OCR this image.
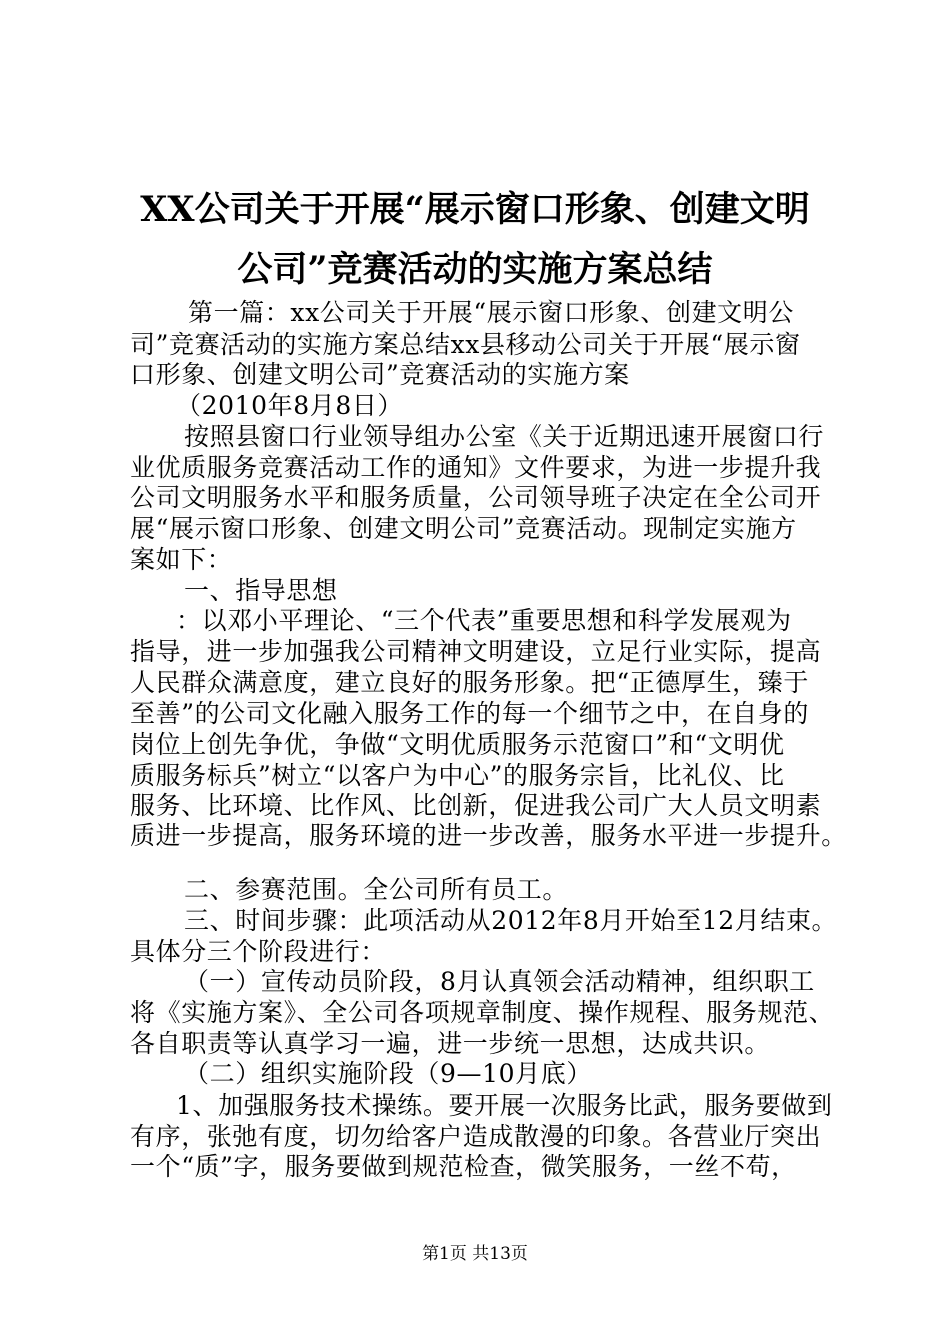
XX公司关于开展“展示窗口形象、创建文明
公司”竞赛活动的实施方案总结
第一篇：xx公司关于开展“展示窗口形象、创建文明公
司”竞赛活动的实施方案总结xx县移动公司关于开展“展示窗
口形象、创建文明公司”竞赛活动的实施方案
（2010年8月8日）
按照县窗口行业领导组办公室《关于近期迅速开展窗口行
业优质服务竞赛活动工作的通知》文件要求，为进一步提升我
公司文明服务水平和服务质量，公司领导班子决定在全公司开
展“展示窗口形象、创建文明公司”竞赛活动。现制定实施方
案如下：
一、指导思想
：以邓小平理论、“三个代表”重要思想和科学发展观为
指导，进一步加强我公司精神文明建设，立足行业实际，提高
人民群众满意度，建立良好的服务形象。把“正德厚生，臻于
至善”的公司文化融入服务工作的每一个细节之中，在自身的
岗位上创先争优，争做“文明优质服务示范窗口”和“文明优
质服务标兵”树立“以客户为中心”的服务宗旨，比礼仪、比
服务、比环境、比作风、比创新，促进我公司广大人员文明素
质进一步提高，服务环境的进一步改善，服务水平进一步提升。
二、参赛范围。全公司所有员工。
三、时间步骤：此项活动从2012年8月开始至12月结束。
具体分三个阶段进行：
（一）宣传动员阶段，8月认真领会活动精神，组织职工
将《实施方案》、全公司各项规章制度、操作规程、服务规范、
各自职责等认真学习一遍，进一步统一思想，达成共识。
（二）组织实施阶段（9—10月底）
1、加强服务技术操练。要开展一次服务比武，服务要做到
有序，张弛有度，切勿给客户造成散漫的印象。各营业厅突出
一个“质”字，服务要做到规范检查，微笑服务，一丝不苟，
第1页 共13页
